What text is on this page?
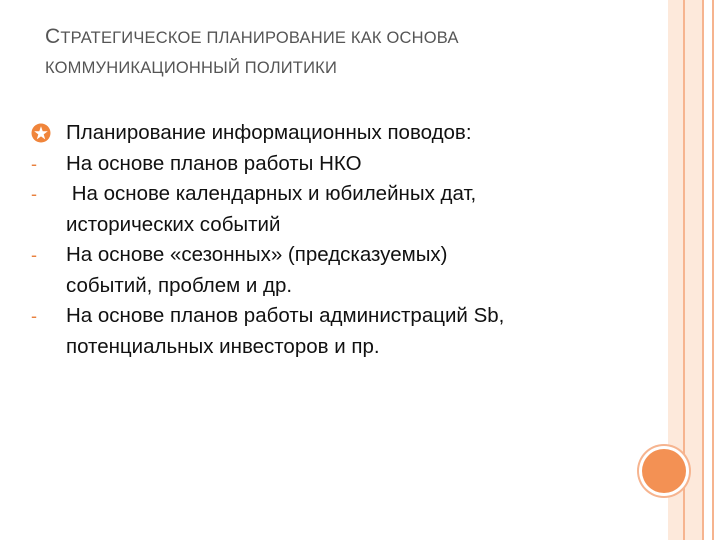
СТРАТЕГИЧЕСКОЕ ПЛАНИРОВАНИЕ КАК ОСНОВА
КОММУНИКАЦИОННЫЙ ПОЛИТИКИ
Планирование информационных поводов:
-	На основе планов работы НКО
-	На основе календарных и юбилейных дат,
исторических событий
-	На основе «сезонных» (предсказуемых)
событий, проблем и др.
-	На основе планов работы администраций Sb,
потенциальных инвесторов и пр.
